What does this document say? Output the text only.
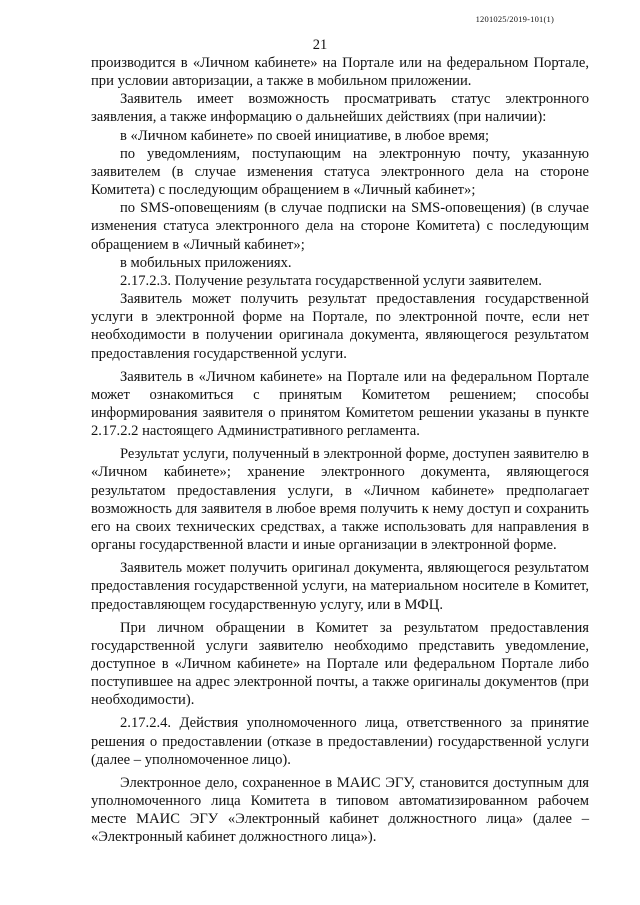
1201025/2019-101(1)
21

производится в «Личном кабинете» на Портале или на федеральном Портале, при условии авторизации, а также в мобильном приложении.

Заявитель имеет возможность просматривать статус электронного заявления, а также информацию о дальнейших действиях (при наличии):

в «Личном кабинете» по своей инициативе, в любое время;

по уведомлениям, поступающим на электронную почту, указанную заявителем (в случае изменения статуса электронного дела на стороне Комитета) с последующим обращением в «Личный кабинет»;

по SMS-оповещениям (в случае подписки на SMS-оповещения) (в случае изменения статуса электронного дела на стороне Комитета) с последующим обращением в «Личный кабинет»;

в мобильных приложениях.

2.17.2.3. Получение результата государственной услуги заявителем.

Заявитель может получить результат предоставления государственной услуги в электронной форме на Портале, по электронной почте, если нет необходимости в получении оригинала документа, являющегося результатом предоставления государственной услуги.

Заявитель в «Личном кабинете» на Портале или на федеральном Портале может ознакомиться с принятым Комитетом решением; способы информирования заявителя о принятом Комитетом решении указаны в пункте 2.17.2.2 настоящего Административного регламента.

Результат услуги, полученный в электронной форме, доступен заявителю в «Личном кабинете»; хранение электронного документа, являющегося результатом предоставления услуги, в «Личном кабинете» предполагает возможность для заявителя в любое время получить к нему доступ и сохранить его на своих технических средствах, а также использовать для направления в органы государственной власти и иные организации в электронной форме.

Заявитель может получить оригинал документа, являющегося результатом предоставления государственной услуги, на материальном носителе в Комитет, предоставляющем государственную услугу, или в МФЦ.

При личном обращении в Комитет за результатом предоставления государственной услуги заявителю необходимо представить уведомление, доступное в «Личном кабинете» на Портале или федеральном Портале либо поступившее на адрес электронной почты, а также оригиналы документов (при необходимости).

2.17.2.4. Действия уполномоченного лица, ответственного за принятие решения о предоставлении (отказе в предоставлении) государственной услуги (далее – уполномоченное лицо).

Электронное дело, сохраненное в МАИС ЭГУ, становится доступным для уполномоченного лица Комитета в типовом автоматизированном рабочем месте МАИС ЭГУ «Электронный кабинет должностного лица» (далее – «Электронный кабинет должностного лица»).
